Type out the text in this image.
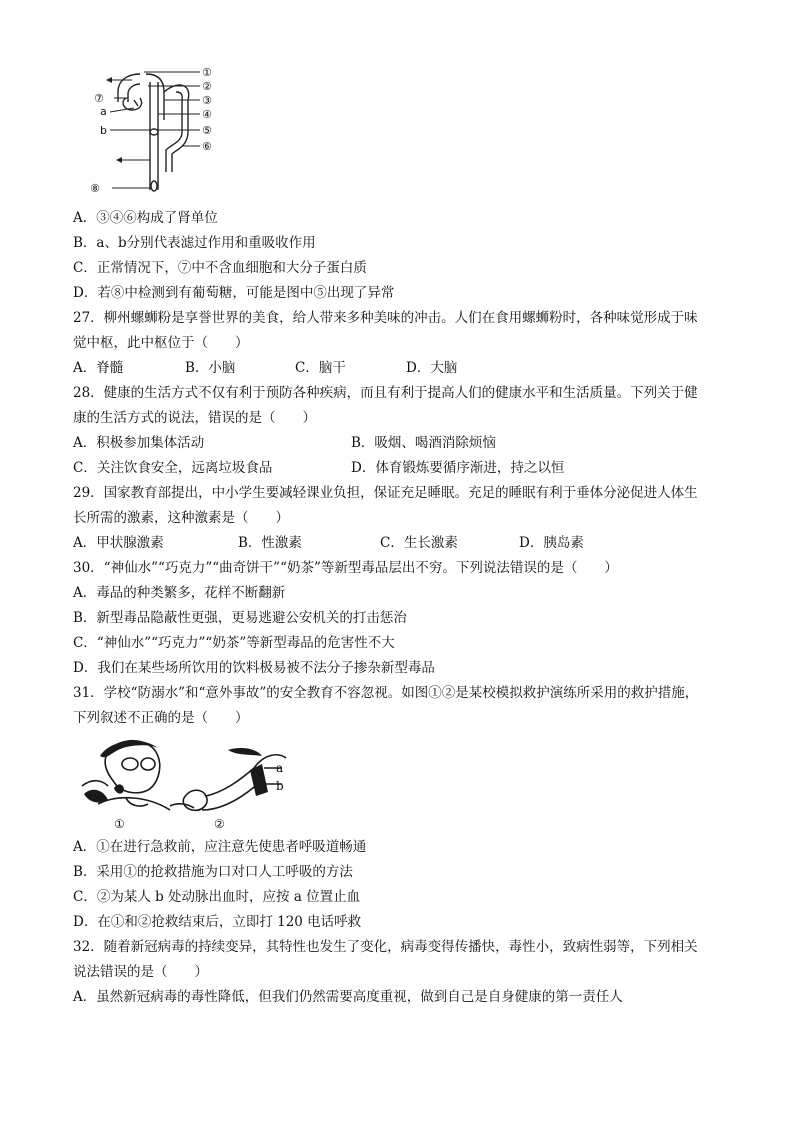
①
②
③
④
⑤
⑥
⑦
⑧
a
b
A．③④⑥构成了肾单位
B．a、b分别代表滤过作用和重吸收作用
C．正常情况下，⑦中不含血细胞和大分子蛋白质
D．若⑧中检测到有葡萄糖，可能是图中⑤出现了异常
27．柳州螺蛳粉是享誉世界的美食，给人带来多种美味的冲击。人们在食用螺蛳粉时，各种味觉形成于味
觉中枢，此中枢位于（　　）
A．脊髓	B．小脑	C．脑干	D．大脑
28．健康的生活方式不仅有利于预防各种疾病，而且有利于提高人们的健康水平和生活质量。下列关于健
康的生活方式的说法，错误的是（　　）
A．积极参加集体活动	B．吸烟、喝酒消除烦恼
C．关注饮食安全，远离垃圾食品	D．体育锻炼要循序渐进，持之以恒
29．国家教育部提出，中小学生要减轻课业负担，保证充足睡眠。充足的睡眠有利于垂体分泌促进人体生
长所需的激素，这种激素是（　　）
A．甲状腺激素	B．性激素	C．生长激素	D．胰岛素
30．“神仙水”“巧克力”“曲奇饼干”“奶茶”等新型毒品层出不穷。下列说法错误的是（　　）
A．毒品的种类繁多，花样不断翻新
B．新型毒品隐蔽性更强，更易逃避公安机关的打击惩治
C．“神仙水”“巧克力”“奶茶”等新型毒品的危害性不大
D．我们在某些场所饮用的饮料极易被不法分子掺杂新型毒品
31．学校“防溺水”和“意外事故”的安全教育不容忽视。如图①②是某校模拟救护演练所采用的救护措施，
下列叙述不正确的是（　　）
①	②
a
b
A．①在进行急救前，应注意先使患者呼吸道畅通
B．采用①的抢救措施为口对口人工呼吸的方法
C．②为某人 b 处动脉出血时，应按 a 位置止血
D．在①和②抢救结束后，立即打 120 电话呼救
32．随着新冠病毒的持续变异，其特性也发生了变化，病毒变得传播快，毒性小，致病性弱等，下列相关
说法错误的是（　　）
A．虽然新冠病毒的毒性降低，但我们仍然需要高度重视，做到自己是自身健康的第一责任人
